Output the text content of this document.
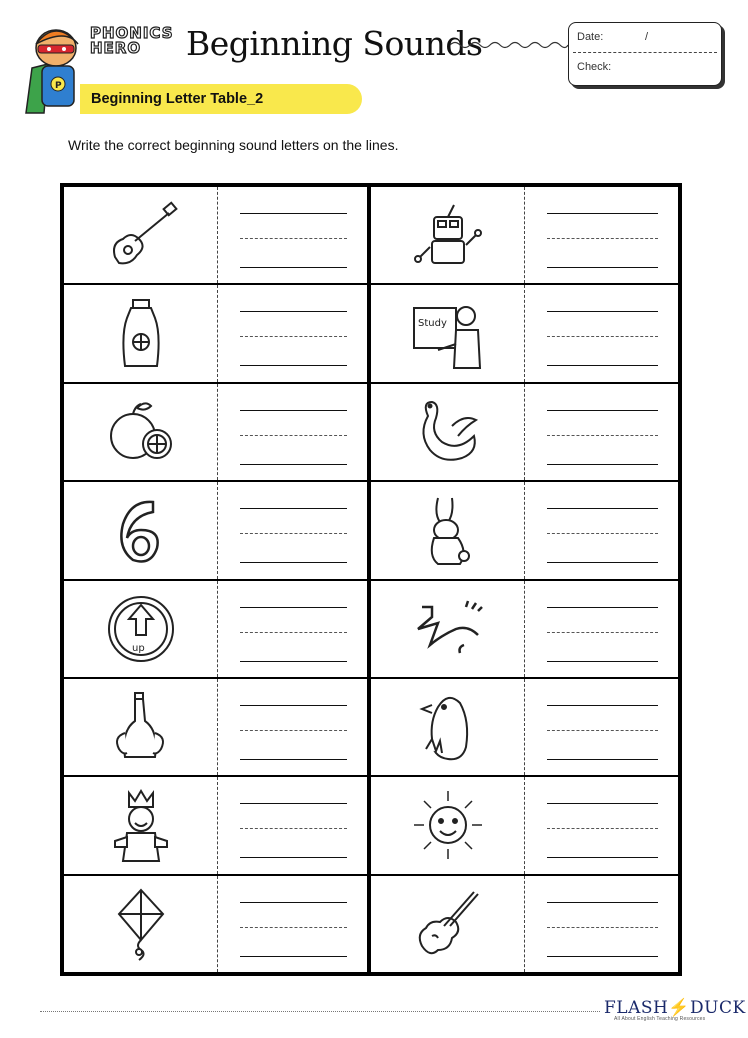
P
PHONICS
HERO	Beginning Sounds	Date:	/
Check:
Beginning Letter Table_2
Write the correct beginning sound letters on the lines.
up
Study
FLASH⚡DUCK
All About English Teaching Resources
